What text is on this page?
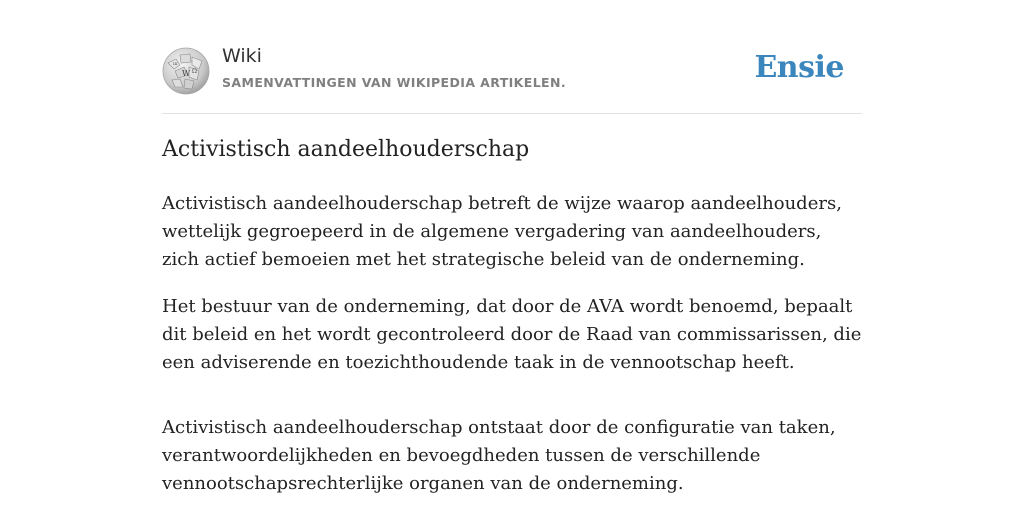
W Ω
ш Wiki
SAMENVATTINGEN VAN WIKIPEDIA ARTIKELEN.	Ensie
Activistisch aandeelhouderschap

Activistisch aandeelhouderschap betreft de wijze waarop aandeelhouders, wettelijk gegroepeerd in de algemene vergadering van aandeelhouders, zich actief bemoeien met het strategische beleid van de onderneming.

Het bestuur van de onderneming, dat door de AVA wordt benoemd, bepaalt dit beleid en het wordt gecontroleerd door de Raad van commissarissen, die een adviserende en toezichthoudende taak in de vennootschap heeft.

Activistisch aandeelhouderschap ontstaat door de configuratie van taken, verantwoordelijkheden en bevoegdheden tussen de verschillende vennootschapsrechterlijke organen van de onderneming.
